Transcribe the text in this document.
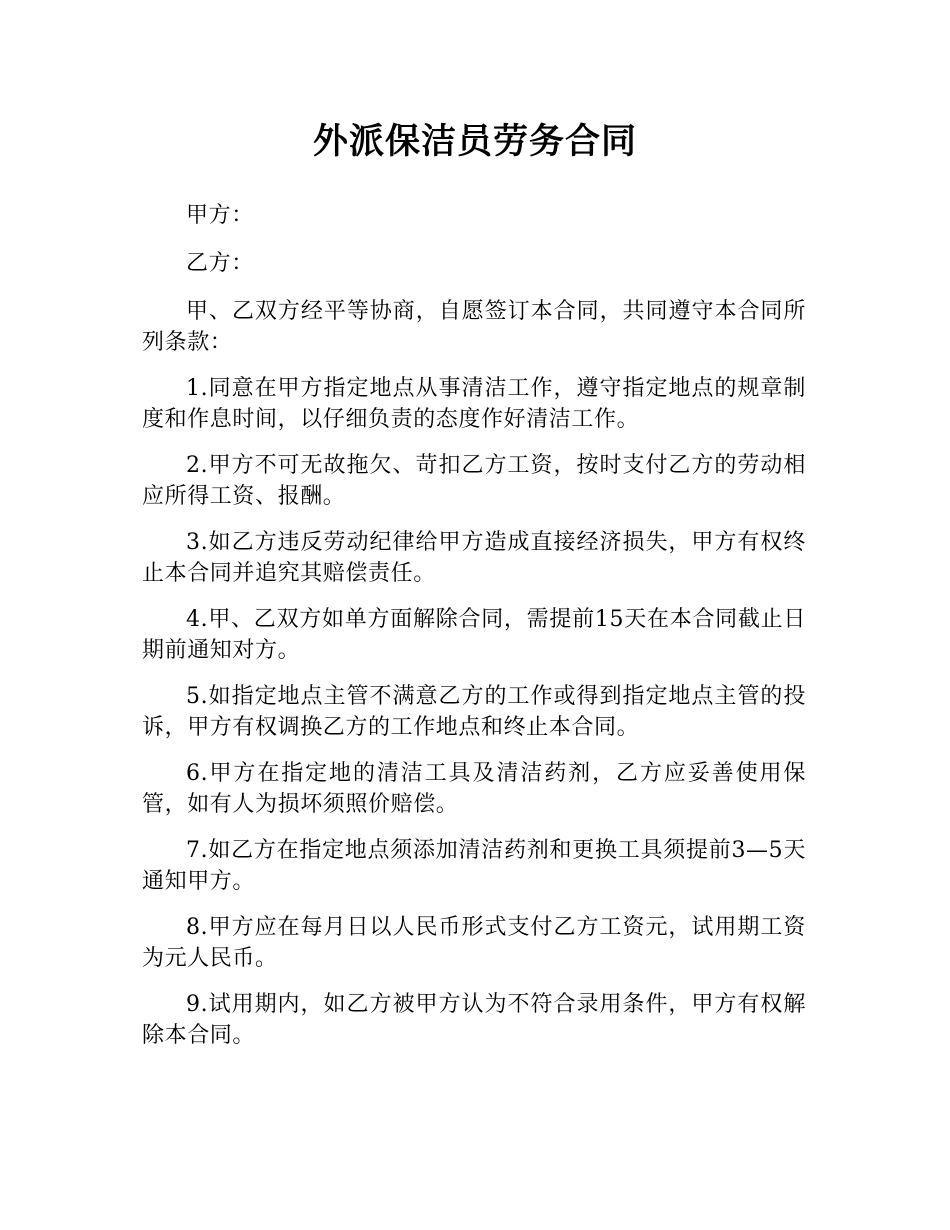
外派保洁员劳务合同

甲方：

乙方：

甲、乙双方经平等协商，自愿签订本合同，共同遵守本合同所列条款：

1.同意在甲方指定地点从事清洁工作，遵守指定地点的规章制度和作息时间，以仔细负责的态度作好清洁工作。

2.甲方不可无故拖欠、苛扣乙方工资，按时支付乙方的劳动相应所得工资、报酬。

3.如乙方违反劳动纪律给甲方造成直接经济损失，甲方有权终止本合同并追究其赔偿责任。

4.甲、乙双方如单方面解除合同，需提前15天在本合同截止日期前通知对方。

5.如指定地点主管不满意乙方的工作或得到指定地点主管的投诉，甲方有权调换乙方的工作地点和终止本合同。

6.甲方在指定地的清洁工具及清洁药剂，乙方应妥善使用保管，如有人为损坏须照价赔偿。

7.如乙方在指定地点须添加清洁药剂和更换工具须提前3—5天通知甲方。

8.甲方应在每月日以人民币形式支付乙方工资元，试用期工资为元人民币。

9.试用期内，如乙方被甲方认为不符合录用条件，甲方有权解除本合同。
